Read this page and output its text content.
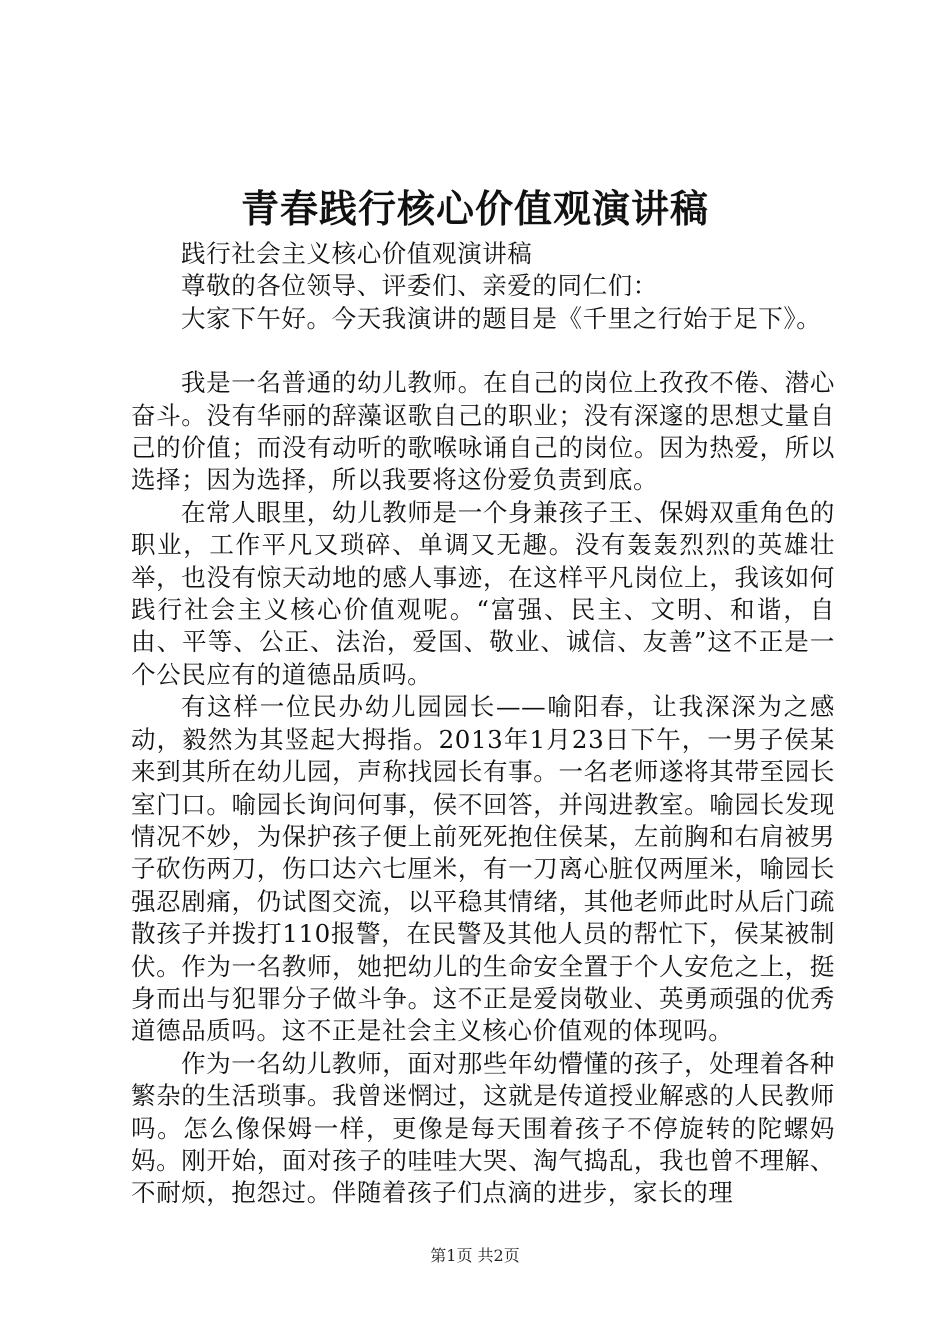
青春践行核心价值观演讲稿

践行社会主义核心价值观演讲稿

尊敬的各位领导、评委们、亲爱的同仁们：

大家下午好。今天我演讲的题目是《千里之行始于足下》。

我是一名普通的幼儿教师。在自己的岗位上孜孜不倦、潜心奋斗。没有华丽的辞藻讴歌自己的职业；没有深邃的思想丈量自己的价值；而没有动听的歌喉咏诵自己的岗位。因为热爱，所以选择；因为选择，所以我要将这份爱负责到底。

在常人眼里，幼儿教师是一个身兼孩子王、保姆双重角色的职业，工作平凡又琐碎、单调又无趣。没有轰轰烈烈的英雄壮举，也没有惊天动地的感人事迹，在这样平凡岗位上，我该如何践行社会主义核心价值观呢。“富强、民主、文明、和谐，自由、平等、公正、法治，爱国、敬业、诚信、友善”这不正是一个公民应有的道德品质吗。

有这样一位民办幼儿园园长——喻阳春，让我深深为之感动，毅然为其竖起大拇指。2013年1月23日下午，一男子侯某来到其所在幼儿园，声称找园长有事。一名老师遂将其带至园长室门口。喻园长询问何事，侯不回答，并闯进教室。喻园长发现情况不妙，为保护孩子便上前死死抱住侯某，左前胸和右肩被男子砍伤两刀，伤口达六七厘米，有一刀离心脏仅两厘米，喻园长强忍剧痛，仍试图交流，以平稳其情绪，其他老师此时从后门疏散孩子并拨打110报警，在民警及其他人员的帮忙下，侯某被制伏。作为一名教师，她把幼儿的生命安全置于个人安危之上，挺身而出与犯罪分子做斗争。这不正是爱岗敬业、英勇顽强的优秀道德品质吗。这不正是社会主义核心价值观的体现吗。

作为一名幼儿教师，面对那些年幼懵懂的孩子，处理着各种繁杂的生活琐事。我曾迷惘过，这就是传道授业解惑的人民教师吗。怎么像保姆一样，更像是每天围着孩子不停旋转的陀螺妈妈。刚开始，面对孩子的哇哇大哭、淘气捣乱，我也曾不理解、不耐烦，抱怨过。伴随着孩子们点滴的进步，家长的理

第1页 共2页
